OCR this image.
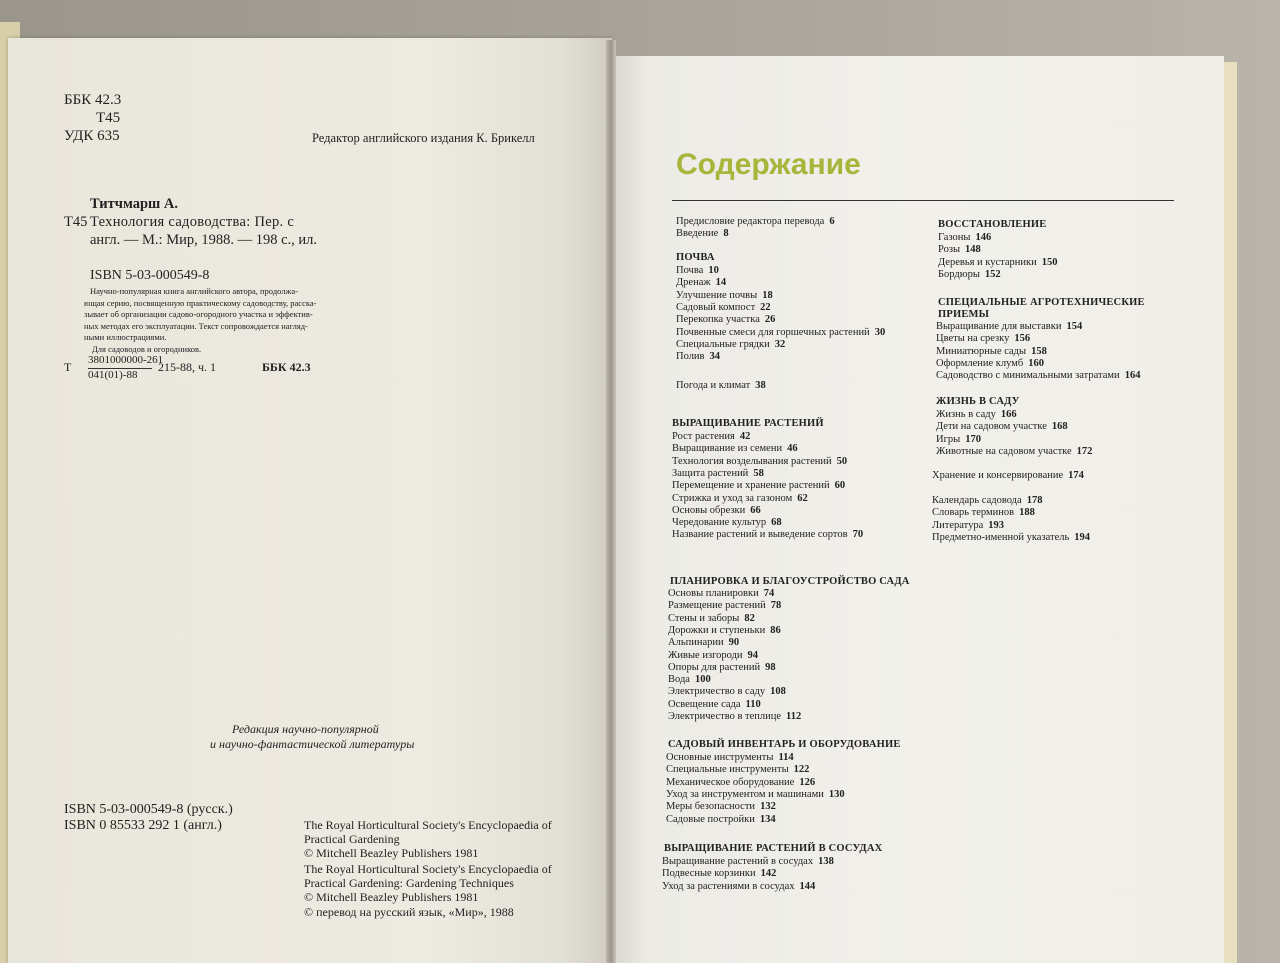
ББК 42.3
Т45
УДК 635	Редактор английского издания К. Брикелл
Титчмарш А.
Т45 Технология садоводства: Пер. с
англ. — М.: Мир, 1988. — 198 с., ил.
ISBN 5-03-000549-8
Научно-популярная книга английского автора, продолжа-
ющая серию, посвященную практическому садоводству, расска-
зывает об организации садово-огородного участка и эффектив-
ных методах его эксплуатации. Текст сопровождается нагляд-
ными иллюстрациями.
Для садоводов и огородников.
Т 3801000000-261
041(01)-88
215-88, ч. 1	ББК 42.3
Редакция научно-популярной
и научно-фантастической литературы
ISBN 5-03-000549-8 (русск.)
ISBN 0 85533 292 1 (англ.)	The Royal Horticultural Society's Encyclopaedia of
Practical Gardening
© Mitchell Beazley Publishers 1981
The Royal Horticultural Society's Encyclopaedia of
Practical Gardening: Gardening Techniques
© Mitchell Beazley Publishers 1981
© перевод на русский язык, «Мир», 1988
Содержание
Предисловие редактора перевода 6
Введение 8
ПОЧВА
Почва 10
Дренаж 14
Улучшение почвы 18
Садовый компост 22
Перекопка участка 26
Почвенные смеси для горшечных растений 30
Специальные грядки 32
Полив 34
Погода и климат 38
ВЫРАЩИВАНИЕ РАСТЕНИЙ
Рост растения 42
Выращивание из семени 46
Технология возделывания растений 50
Защита растений 58
Перемещение и хранение растений 60
Стрижка и уход за газоном 62
Основы обрезки 66
Чередование культур 68
Название растений и выведение сортов 70
ПЛАНИРОВКА И БЛАГОУСТРОЙСТВО САДА
Основы планировки 74
Размещение растений 78
Стены и заборы 82
Дорожки и ступеньки 86
Альпинарии 90
Живые изгороди 94
Опоры для растений 98
Вода 100
Электричество в саду 108
Освещение сада 110
Электричество в теплице 112
САДОВЫЙ ИНВЕНТАРЬ И ОБОРУДОВАНИЕ
Основные инструменты 114
Специальные инструменты 122
Механическое оборудование 126
Уход за инструментом и машинами 130
Меры безопасности 132
Садовые постройки 134
ВЫРАЩИВАНИЕ РАСТЕНИЙ В СОСУДАХ
Выращивание растений в сосудах 138
Подвесные корзинки 142
Уход за растениями в сосудах 144
ВОССТАНОВЛЕНИЕ
Газоны 146
Розы 148
Деревья и кустарники 150
Бордюры 152
СПЕЦИАЛЬНЫЕ АГРОТЕХНИЧЕСКИЕ
ПРИЕМЫ
Выращивание для выставки 154
Цветы на срезку 156
Миниатюрные сады 158
Оформление клумб 160
Садоводство с минимальными затратами 164
ЖИЗНЬ В САДУ
Жизнь в саду 166
Дети на садовом участке 168
Игры 170
Животные на садовом участке 172
Хранение и консервирование 174
Календарь садовода 178
Словарь терминов 188
Литература 193
Предметно-именной указатель 194
